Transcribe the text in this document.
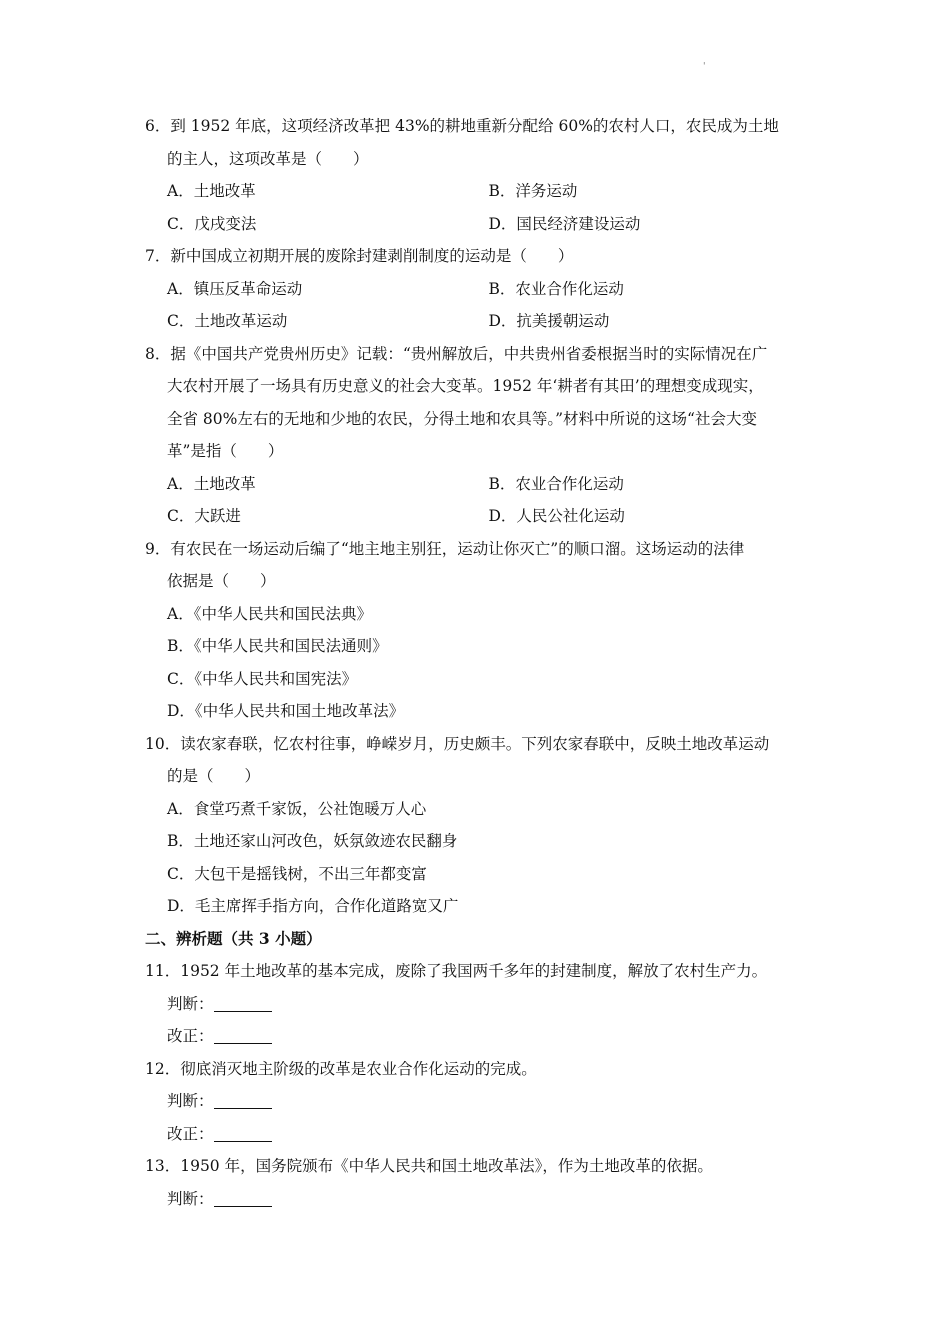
'
6．到 1952 年底，这项经济改革把 43%的耕地重新分配给 60%的农村人口，农民成为土地
的主人，这项改革是（　　）
A．土地改革	B．洋务运动
C．戊戌变法	D．国民经济建设运动
7．新中国成立初期开展的废除封建剥削制度的运动是（　　）
A．镇压反革命运动	B．农业合作化运动
C．土地改革运动	D．抗美援朝运动
8．据《中国共产党贵州历史》记载：“贵州解放后，中共贵州省委根据当时的实际情况在广
大农村开展了一场具有历史意义的社会大变革。1952 年‘耕者有其田’的理想变成现实，
全省 80%左右的无地和少地的农民，分得土地和农具等。”材料中所说的这场“社会大变
革”是指（　　）
A．土地改革	B．农业合作化运动
C．大跃进	D．人民公社化运动
9．有农民在一场运动后编了“地主地主别狂，运动让你灭亡”的顺口溜。这场运动的法律
依据是（　　）
A．《中华人民共和国民法典》
B．《中华人民共和国民法通则》
C．《中华人民共和国宪法》
D．《中华人民共和国土地改革法》
10．读农家春联，忆农村往事，峥嵘岁月，历史颇丰。下列农家春联中，反映土地改革运动
的是（　　）
A．食堂巧煮千家饭，公社饱暖万人心
B．土地还家山河改色，妖氛敛迹农民翻身
C．大包干是摇钱树，不出三年都变富
D．毛主席挥手指方向，合作化道路宽又广
二、辨析题（共 3 小题）
11．1952 年土地改革的基本完成，废除了我国两千多年的封建制度，解放了农村生产力。
判断：
改正：
12．彻底消灭地主阶级的改革是农业合作化运动的完成。
判断：
改正：
13．1950 年，国务院颁布《中华人民共和国土地改革法》，作为土地改革的依据。
判断：
